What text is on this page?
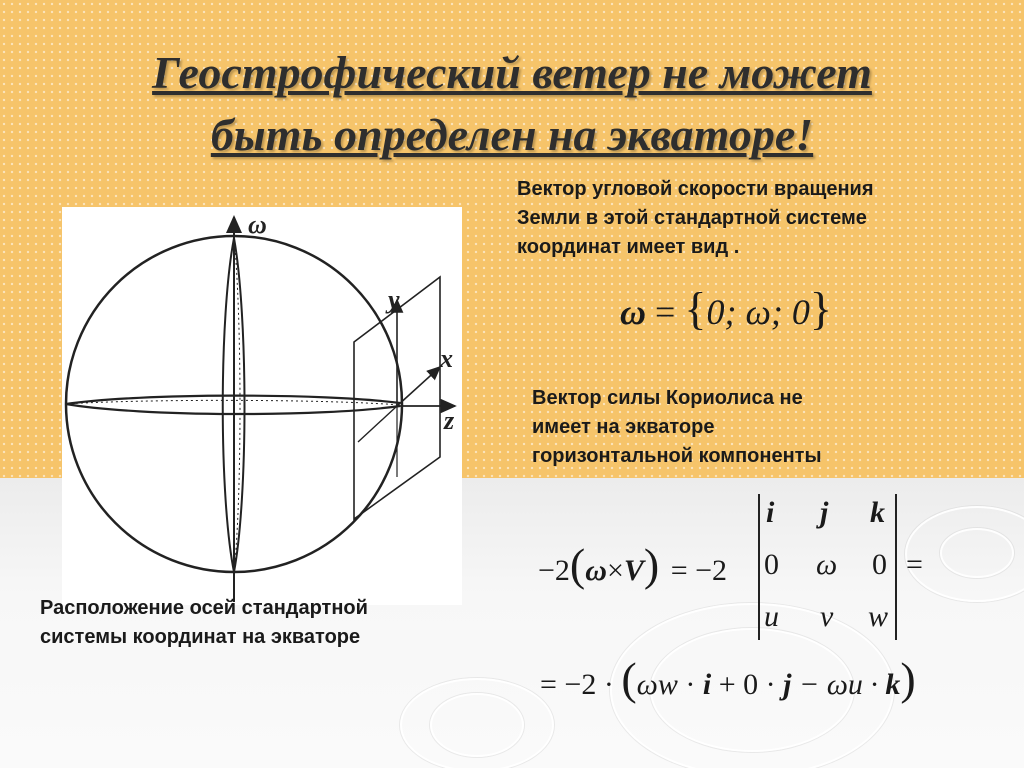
Геострофический ветер не может
быть определен на экваторе!
ω
y
x
z
Расположение осей стандартной
системы координат на экваторе
Вектор угловой скорости вращения
Земли в этой стандартной системе
координат имеет вид .
ω = {0; ω; 0}
Вектор силы Кориолиса не
имеет на экваторе
горизонтальной компоненты
−2(ω×V) = −2
i j k
0 ω 0
u v w
=
= −2 · (ωw · i + 0 · j − ωu · k)
